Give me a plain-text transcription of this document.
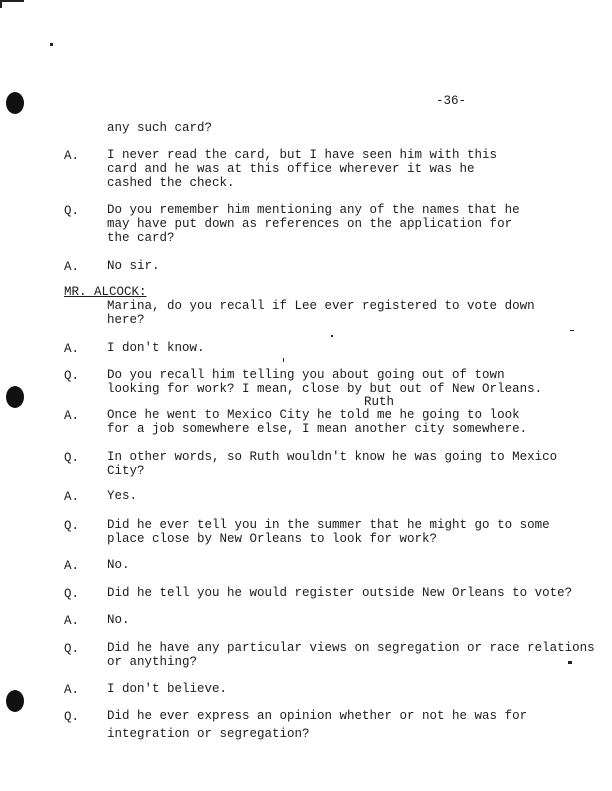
-36-
any such card?
A. I never read the card, but I have seen him with this
card and he was at this office wherever it was he
cashed the check.
Q. Do you remember him mentioning any of the names that he
may have put down as references on the application for
the card?
A. No sir.
MR. ALCOCK:
Marina, do you recall if Lee ever registered to vote down
here?
A. I don't know.
Q. Do you recall him telling you about going out of town
looking for work? I mean, close by but out of New Orleans.
Ruth
A. Once he went to Mexico City he told me he going to look
for a job somewhere else, I mean another city somewhere.
Q. In other words, so Ruth wouldn't know he was going to Mexico
City?
A. Yes.
Q. Did he ever tell you in the summer that he might go to some
place close by New Orleans to look for work?
A. No.
Q. Did he tell you he would register outside New Orleans to vote?
A. No.
Q. Did he have any particular views on segregation or race relations
or anything?
A. I don't believe.
Q. Did he ever express an opinion whether or not he was for
integration or segregation?
